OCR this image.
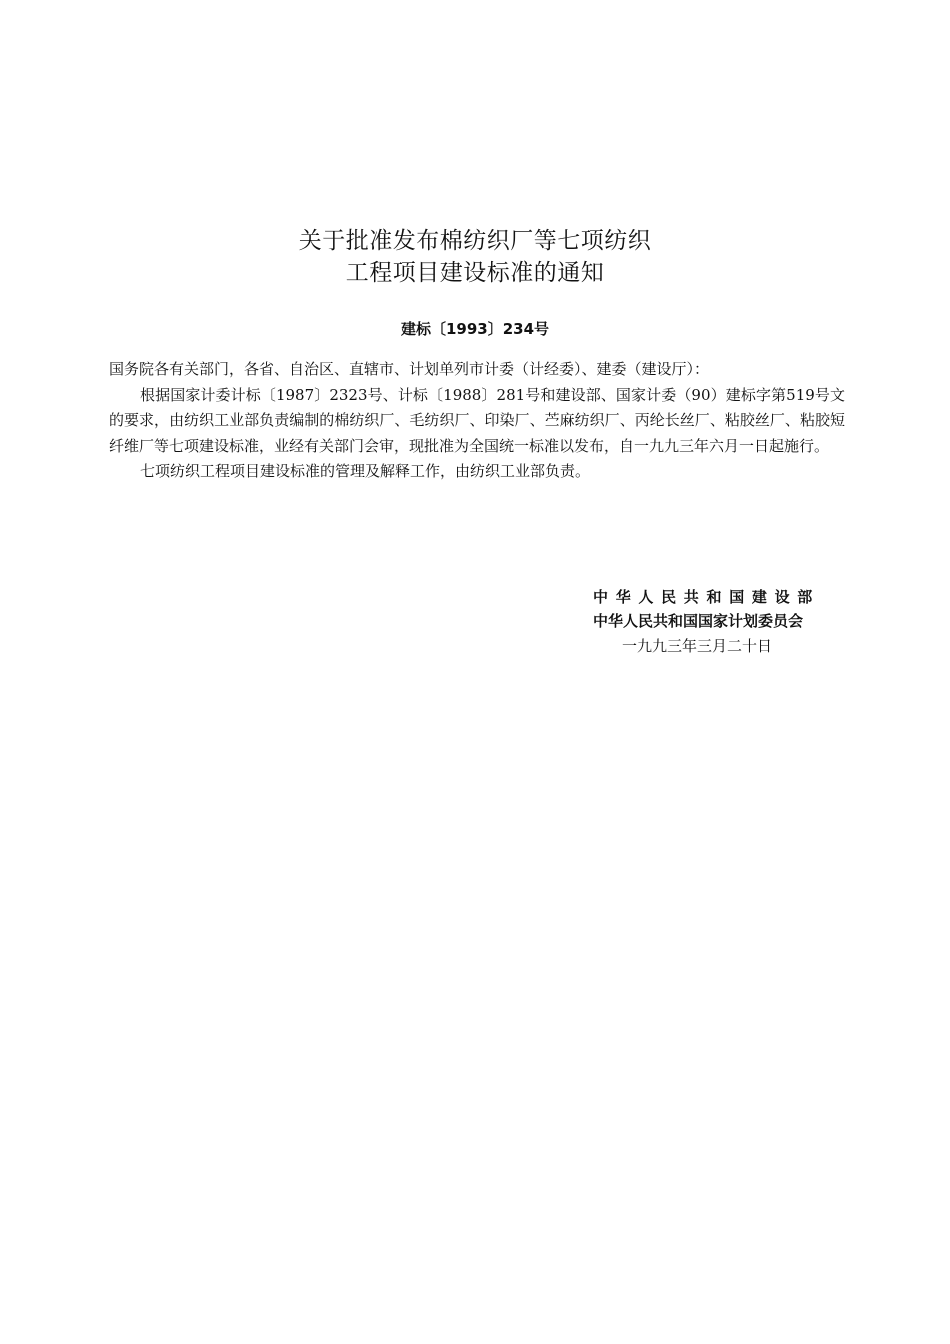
关于批准发布棉纺织厂等七项纺织
工程项目建设标准的通知
建标〔1993〕234号

国务院各有关部门，各省、自治区、直辖市、计划单列市计委（计经委）、建委（建设厅）：

根据国家计委计标〔1987〕2323号、计标〔1988〕281号和建设部、国家计委（90）建标字第519号文的要求，由纺织工业部负责编制的棉纺织厂、毛纺织厂、印染厂、苎麻纺织厂、丙纶长丝厂、粘胶丝厂、粘胶短纤维厂等七项建设标准，业经有关部门会审，现批准为全国统一标准以发布，自一九九三年六月一日起施行。

七项纺织工程项目建设标准的管理及解释工作，由纺织工业部负责。

中华人民共和国建设部
中华人民共和国国家计划委员会
一九九三年三月二十日
